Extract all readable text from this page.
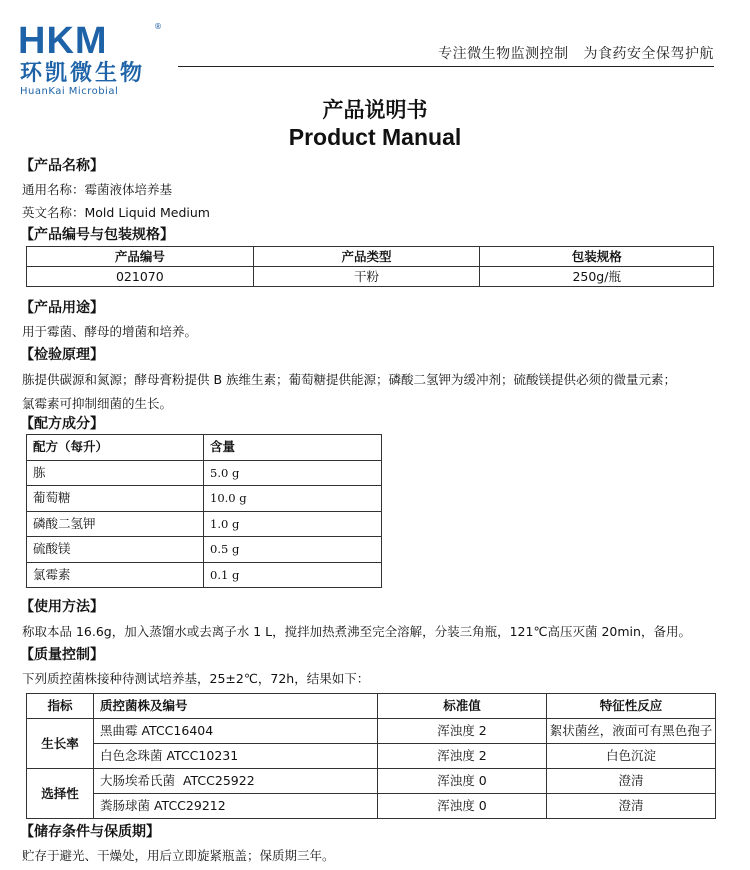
HKM	®
环凯微生物
HuanKai Microbial
专注微生物监测控制   为食药安全保驾护航
产品说明书
Product Manual
【产品名称】
通用名称：霉菌液体培养基
英文名称：Mold Liquid Medium
【产品编号与包装规格】
产品编号	产品类型	包装规格
021070	干粉	250g/瓶
【产品用途】
用于霉菌、酵母的增菌和培养。
【检验原理】
胨提供碳源和氮源；酵母膏粉提供 B 族维生素；葡萄糖提供能源；磷酸二氢钾为缓冲剂；硫酸镁提供必须的微量元素；
氯霉素可抑制细菌的生长。
【配方成分】
配方（每升）	含量
胨	5.0 g
葡萄糖	10.0 g
磷酸二氢钾	1.0 g
硫酸镁	0.5 g
氯霉素	0.1 g
【使用方法】
称取本品 16.6g，加入蒸馏水或去离子水 1 L，搅拌加热煮沸至完全溶解，分装三角瓶，121℃高压灭菌 20min，备用。
【质量控制】
下列质控菌株接种待测试培养基，25±2℃，72h，结果如下：
指标	质控菌株及编号	标准值	特征性反应
生长率	黑曲霉 ATCC16404	浑浊度 2	絮状菌丝，液面可有黑色孢子
	白色念珠菌 ATCC10231	浑浊度 2	白色沉淀
选择性	大肠埃希氏菌  ATCC25922	浑浊度 0	澄清
	粪肠球菌 ATCC29212	浑浊度 0	澄清
【储存条件与保质期】
贮存于避光、干燥处，用后立即旋紧瓶盖；保质期三年。
